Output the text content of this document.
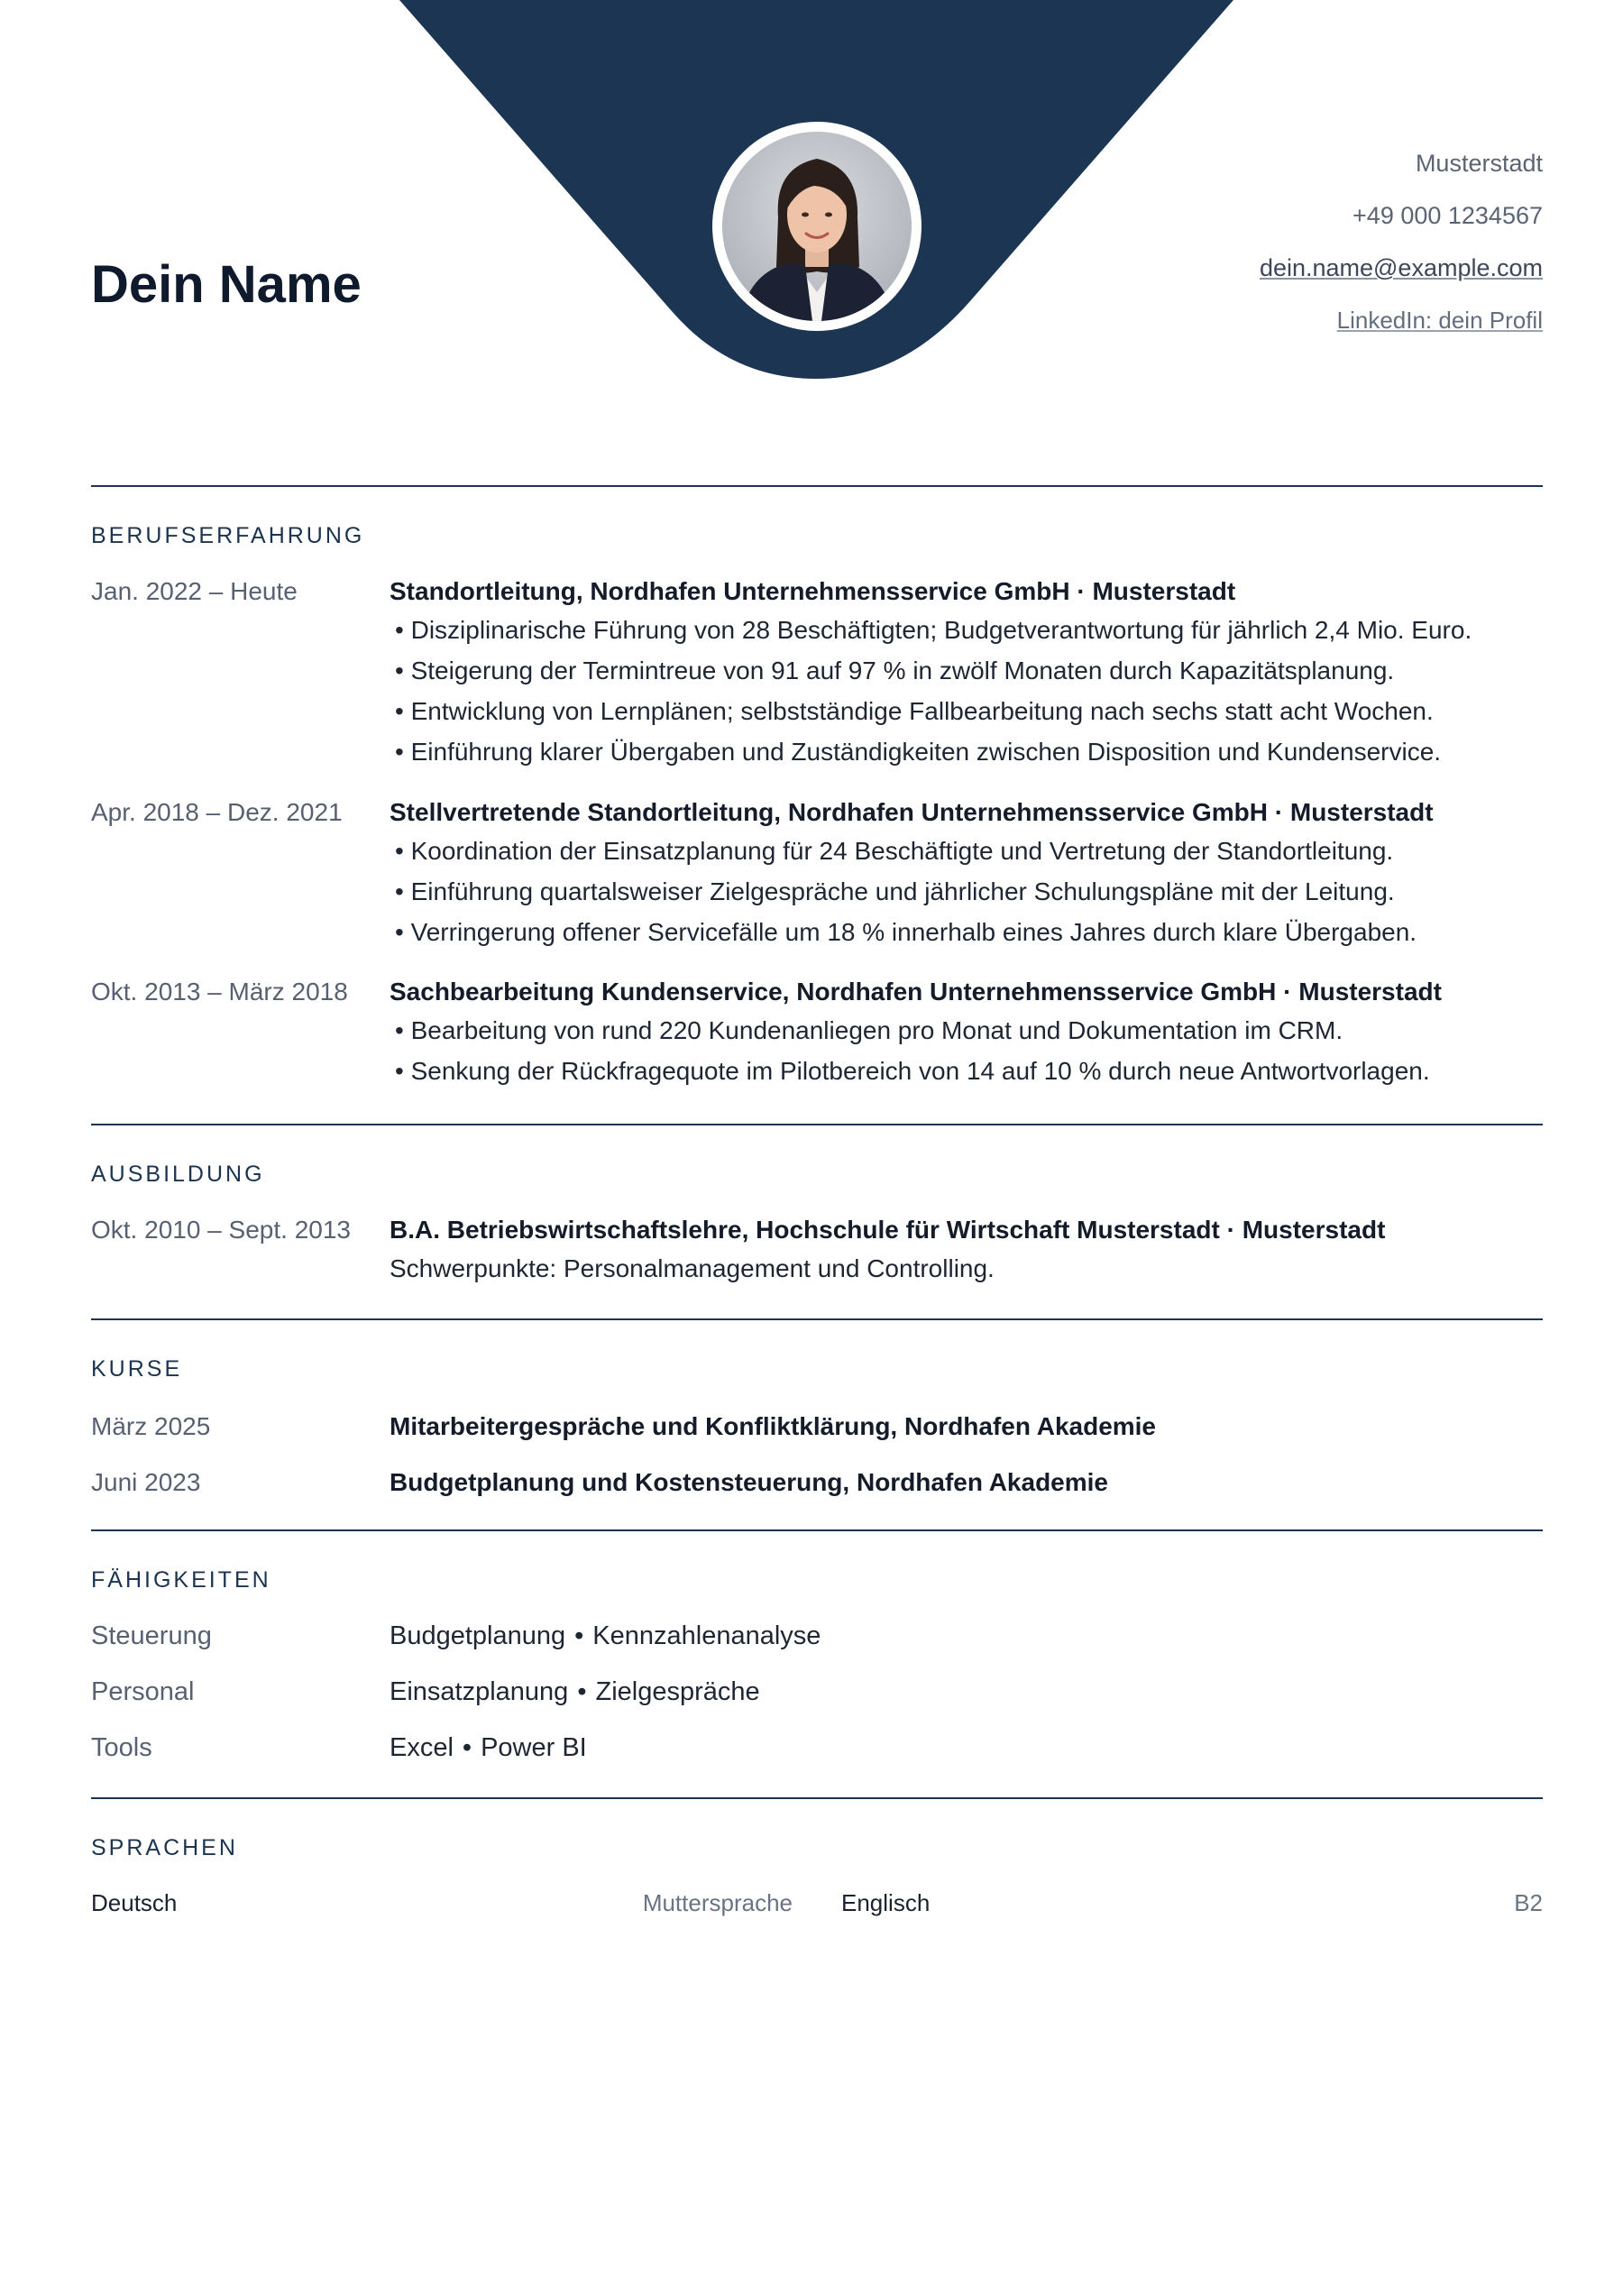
Dein Name
Musterstadt
+49 000 1234567
dein.name@example.com
LinkedIn: dein Profil
BERUFSERFAHRUNG
Jan. 2022 – Heute	Standortleitung, Nordhafen Unternehmensservice GmbH · Musterstadt
• Disziplinarische Führung von 28 Beschäftigten; Budgetverantwortung für jährlich 2,4 Mio. Euro.
• Steigerung der Termintreue von 91 auf 97 % in zwölf Monaten durch Kapazitätsplanung.
• Entwicklung von Lernplänen; selbstständige Fallbearbeitung nach sechs statt acht Wochen.
• Einführung klarer Übergaben und Zuständigkeiten zwischen Disposition und Kundenservice.
Apr. 2018 – Dez. 2021 Stellvertretende Standortleitung, Nordhafen Unternehmensservice GmbH · Musterstadt
• Koordination der Einsatzplanung für 24 Beschäftigte und Vertretung der Standortleitung.
• Einführung quartalsweiser Zielgespräche und jährlicher Schulungspläne mit der Leitung.
• Verringerung offener Servicefälle um 18 % innerhalb eines Jahres durch klare Übergaben.
Okt. 2013 – März 2018 Sachbearbeitung Kundenservice, Nordhafen Unternehmensservice GmbH · Musterstadt
• Bearbeitung von rund 220 Kundenanliegen pro Monat und Dokumentation im CRM.
• Senkung der Rückfragequote im Pilotbereich von 14 auf 10 % durch neue Antwortvorlagen.
AUSBILDUNG
Okt. 2010 – Sept. 2013 B.A. Betriebswirtschaftslehre, Hochschule für Wirtschaft Musterstadt · Musterstadt
Schwerpunkte: Personalmanagement und Controlling.
KURSE
März 2025	Mitarbeitergespräche und Konfliktklärung, Nordhafen Akademie
Juni 2023	Budgetplanung und Kostensteuerung, Nordhafen Akademie
FÄHIGKEITEN
Steuerung	Budgetplanung • Kennzahlenanalyse
Personal	Einsatzplanung • Zielgespräche
Tools	Excel • Power BI
SPRACHEN
Deutsch	Muttersprache Englisch	B2
